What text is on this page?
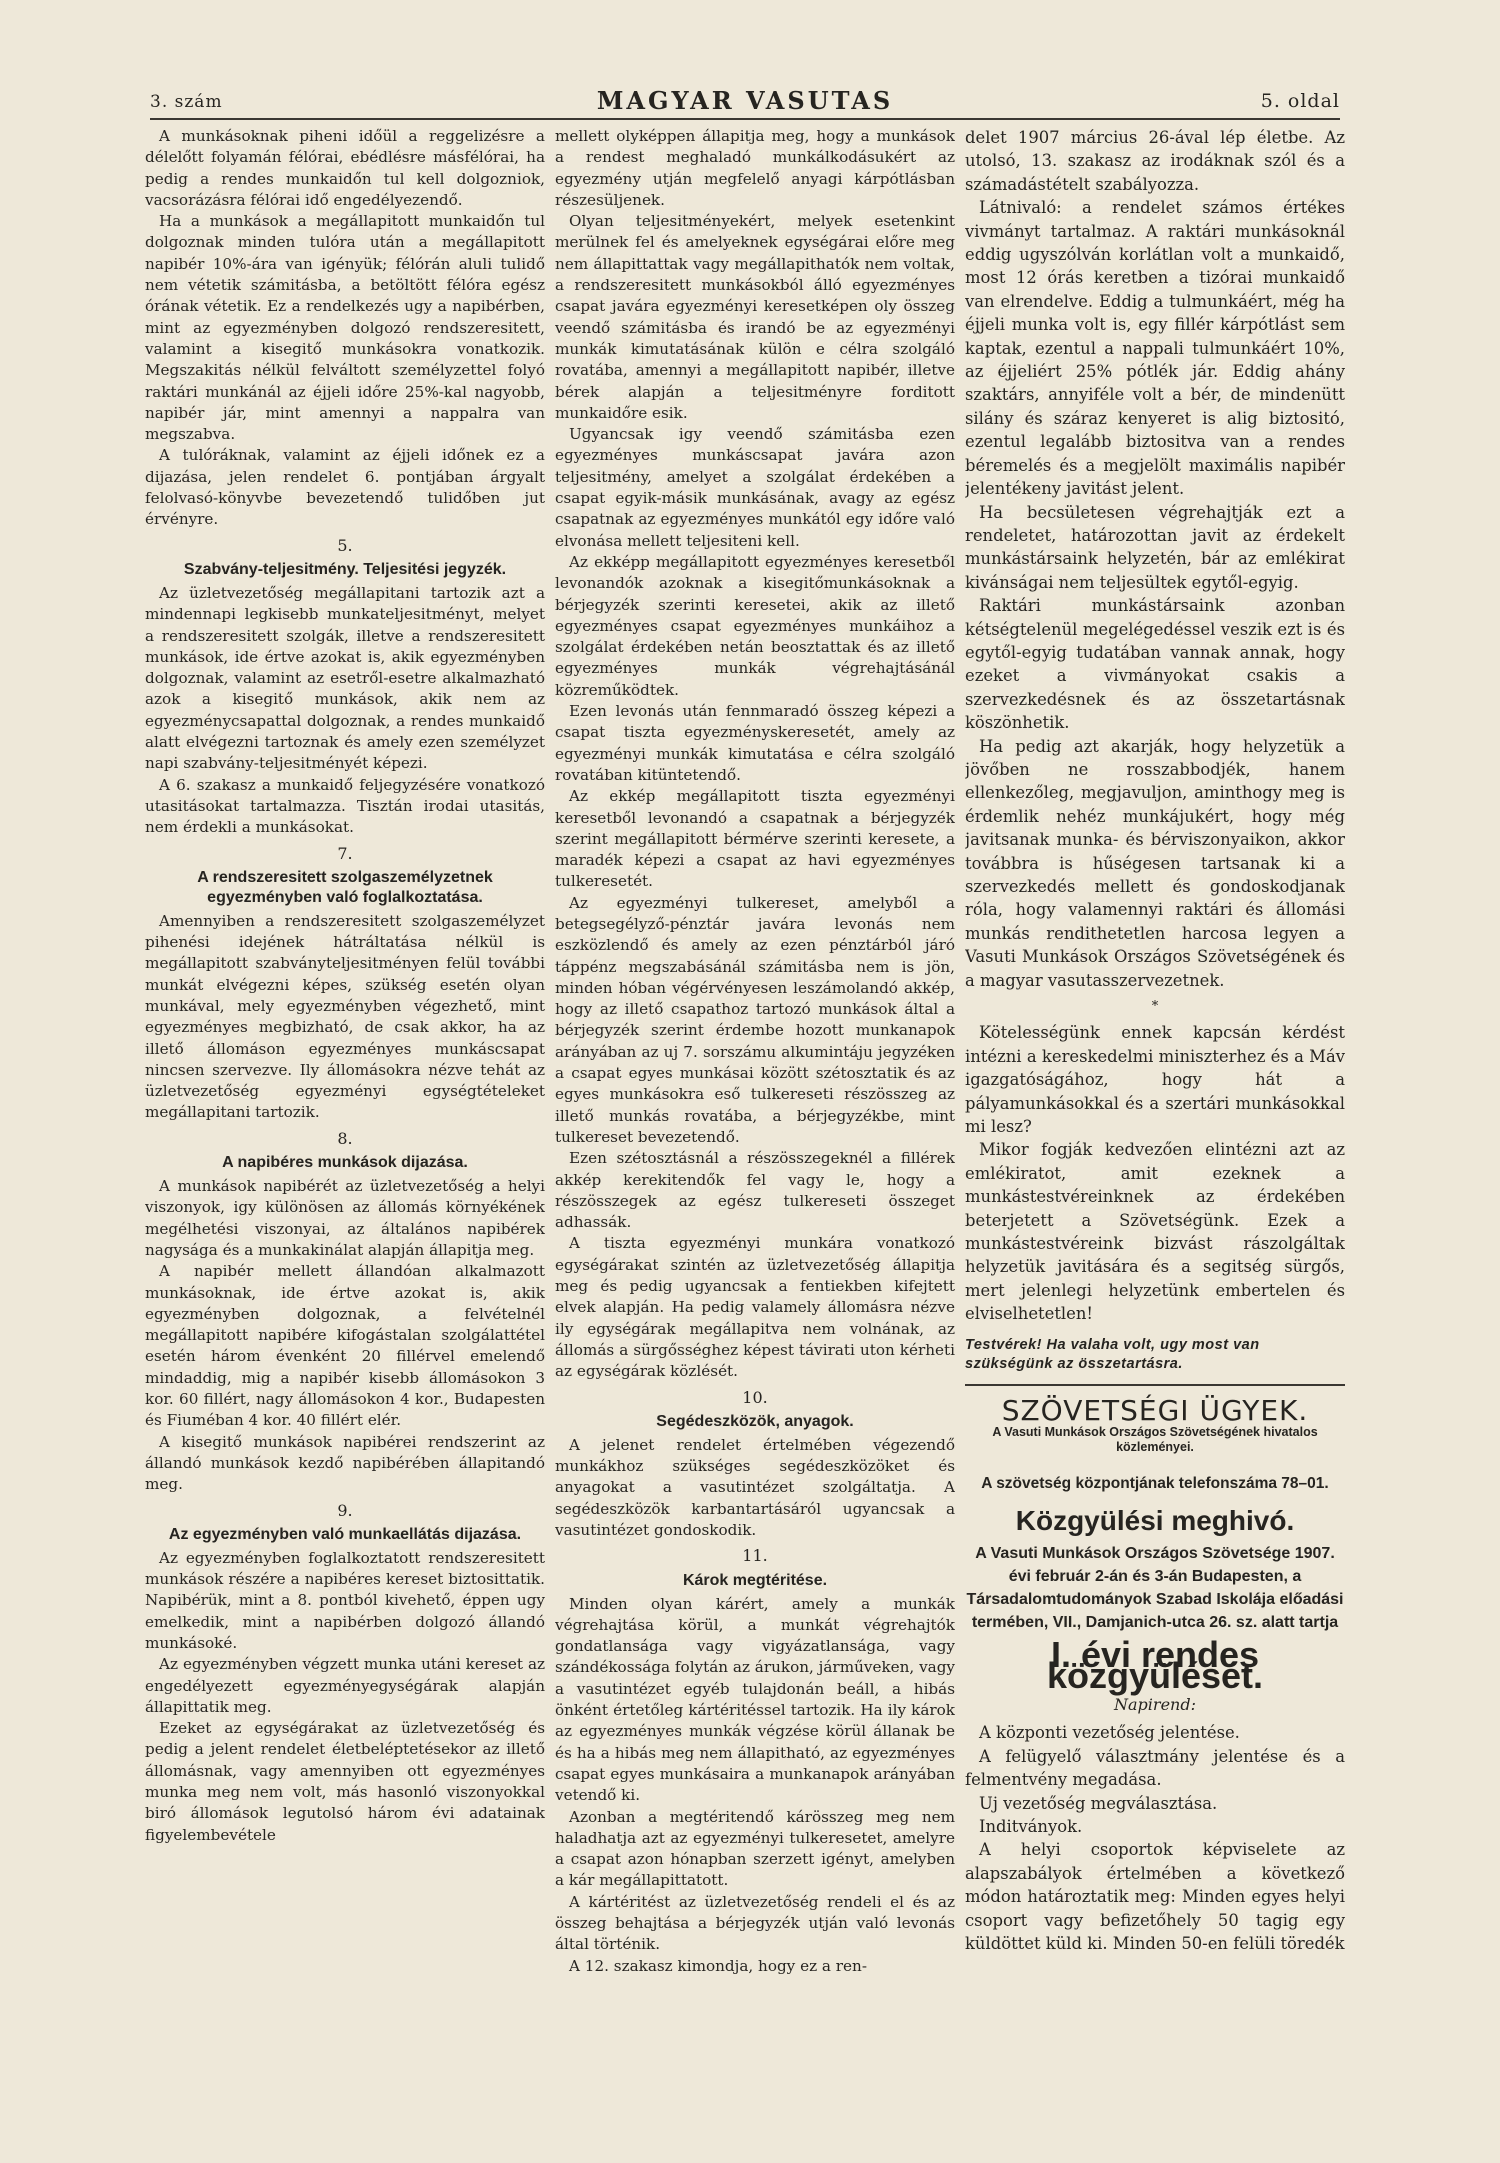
3. szám	MAGYAR VASUTAS	5. oldal

A munkásoknak piheni időül a reggelizésre a délelőtt folyamán félórai, ebédlésre másfélórai, ha pedig a rendes munkaidőn tul kell dolgozniok, vacsorázásra félórai idő engedélyezendő.

Ha a munkások a megállapitott munkaidőn tul dolgoznak minden tulóra után a megállapitott napibér 10%-ára van igényük; félórán aluli tulidő nem vétetik számitásba, a betöltött félóra egész órának vétetik. Ez a rendelkezés ugy a napibérben, mint az egyezményben dolgozó rendszeresitett, valamint a kisegitő munkásokra vonatkozik. Megszakitás nélkül felváltott személyzettel folyó raktári munkánál az éjjeli időre 25%-kal nagyobb, napibér jár, mint amennyi a nappalra van megszabva.

A tulóráknak, valamint az éjjeli időnek ez a dijazása, jelen rendelet 6. pontjában árgyalt felolvasó-könyvbe bevezetendő tulidőben jut érvényre.

5.
Szabvány-teljesitmény. Teljesitési jegyzék.

Az üzletvezetőség megállapitani tartozik azt a mindennapi legkisebb munkateljesitményt, melyet a rendszeresitett szolgák, illetve a rendszeresitett munkások, ide értve azokat is, akik egyezményben dolgoznak, valamint az esetről-esetre alkalmazható azok a kisegitő munkások, akik nem az egyezménycsapattal dolgoznak, a rendes munkaidő alatt elvégezni tartoznak és amely ezen személyzet napi szabvány-teljesitményét képezi.

A 6. szakasz a munkaidő feljegyzésére vonatkozó utasitásokat tartalmazza. Tisztán irodai utasitás, nem érdekli a munkásokat.

7.
A rendszeresitett szolgaszemélyzetnek egyezményben való foglalkoztatása.

Amennyiben a rendszeresitett szolgaszemélyzet pihenési idejének hátráltatása nélkül is megállapitott szabványteljesitményen felül további munkát elvégezni képes, szükség esetén olyan munkával, mely egyezményben végezhető, mint egyezményes megbizható, de csak akkor, ha az illető állomáson egyezményes munkáscsapat nincsen szervezve. Ily állomásokra nézve tehát az üzletvezetőség egyezményi egységtételeket megállapitani tartozik.

8.
A napibéres munkások dijazása.

A munkások napibérét az üzletvezetőség a helyi viszonyok, igy különösen az állomás környékének megélhetési viszonyai, az általános napibérek nagysága és a munkakinálat alapján állapitja meg.

A napibér mellett állandóan alkalmazott munkásoknak, ide értve azokat is, akik egyezményben dolgoznak, a felvételnél megállapitott napibére kifogástalan szolgálattétel esetén három évenként 20 fillérvel emelendő mindaddig, mig a napibér kisebb állomásokon 3 kor. 60 fillért, nagy állomásokon 4 kor., Budapesten és Fiuméban 4 kor. 40 fillért elér.

A kisegitő munkások napibérei rendszerint az állandó munkások kezdő napibérében állapitandó meg.

9.
Az egyezményben való munkaellátás dijazása.

Az egyezményben foglalkoztatott rendszeresitett munkások részére a napibéres kereset biztosittatik. Napibérük, mint a 8. pontból kivehető, éppen ugy emelkedik, mint a napibérben dolgozó állandó munkásoké.

Az egyezményben végzett munka utáni kereset az engedélyezett egyezményegységárak alapján állapittatik meg.

Ezeket az egységárakat az üzletvezetőség és pedig a jelent rendelet életbeléptetésekor az illető állomásnak, vagy amennyiben ott egyezményes munka meg nem volt, más hasonló viszonyokkal biró állomások legutolsó három évi adatainak figyelembevétele

mellett olyképpen állapitja meg, hogy a munkások a rendest meghaladó munkálkodásukért az egyezmény utján megfelelő anyagi kárpótlásban részesüljenek.

Olyan teljesitményekért, melyek esetenkint merülnek fel és amelyeknek egységárai előre meg nem állapittattak vagy megállapithatók nem voltak, a rendszeresitett munkásokból álló egyezményes csapat javára egyezményi keresetképen oly összeg veendő számitásba és irandó be az egyezményi munkák kimutatásának külön e célra szolgáló rovatába, amennyi a megállapitott napibér, illetve bérek alapján a teljesitményre forditott munkaidőre esik.

Ugyancsak igy veendő számitásba ezen egyezményes munkáscsapat javára azon teljesitmény, amelyet a szolgálat érdekében a csapat egyik-másik munkásának, avagy az egész csapatnak az egyezményes munkától egy időre való elvonása mellett teljesiteni kell.

Az ekképp megállapitott egyezményes keresetből levonandók azoknak a kisegitőmunkásoknak a bérjegyzék szerinti keresetei, akik az illető egyezményes csapat egyezményes munkáihoz a szolgálat érdekében netán beosztattak és az illető egyezményes munkák végrehajtásánál közreműködtek.

Ezen levonás után fennmaradó összeg képezi a csapat tiszta egyezményskeresetét, amely az egyezményi munkák kimutatása e célra szolgáló rovatában kitüntetendő.

Az ekkép megállapitott tiszta egyezményi keresetből levonandó a csapatnak a bérjegyzék szerint megállapitott bérmérve szerinti keresete, a maradék képezi a csapat az havi egyezményes tulkeresetét.

Az egyezményi tulkereset, amelyből a betegsegélyző-pénztár javára levonás nem eszközlendő és amely az ezen pénztárból járó táppénz megszabásánál számitásba nem is jön, minden hóban végérvényesen leszámolandó akkép, hogy az illető csapathoz tartozó munkások által a bérjegyzék szerint érdembe hozott munkanapok arányában az uj 7. sorszámu alkumintáju jegyzéken a csapat egyes munkásai között szétosztatik és az egyes munkásokra eső tulkereseti részösszeg az illető munkás rovatába, a bérjegyzékbe, mint tulkereset bevezetendő.

Ezen szétosztásnál a részösszegeknél a fillérek akkép kerekitendők fel vagy le, hogy a részösszegek az egész tulkereseti összeget adhassák.

A tiszta egyezményi munkára vonatkozó egységárakat szintén az üzletvezetőség állapitja meg és pedig ugyancsak a fentiekben kifejtett elvek alapján. Ha pedig valamely állomásra nézve ily egységárak megállapitva nem volnának, az állomás a sürgősséghez képest távirati uton kérheti az egységárak közlését.

10.
Segédeszközök, anyagok.

A jelenet rendelet értelmében végezendő munkákhoz szükséges segédeszközöket és anyagokat a vasutintézet szolgáltatja. A segédeszközök karbantartásáról ugyancsak a vasutintézet gondoskodik.

11.
Károk megtéritése.

Minden olyan kárért, amely a munkák végrehajtása körül, a munkát végrehajtók gondatlansága vagy vigyázatlansága, vagy szándékossága folytán az árukon, járműveken, vagy a vasutintézet egyéb tulajdonán beáll, a hibás önként értetőleg kártéritéssel tartozik. Ha ily károk az egyezményes munkák végzése körül állanak be és ha a hibás meg nem állapitható, az egyezményes csapat egyes munkásaira a munkanapok arányában vetendő ki.

Azonban a megtéritendő kárösszeg meg nem haladhatja azt az egyezményi tulkeresetet, amelyre a csapat azon hónapban szerzett igényt, amelyben a kár megállapittatott.

A kártéritést az üzletvezetőség rendeli el és az összeg behajtása a bérjegyzék utján való levonás által történik.

A 12. szakasz kimondja, hogy ez a ren-

delet 1907 március 26-ával lép életbe. Az utolsó, 13. szakasz az irodáknak szól és a számadástételt szabályozza.

Látnivaló: a rendelet számos értékes vivmányt tartalmaz. A raktári munkásoknál eddig ugyszólván korlátlan volt a munkaidő, most 12 órás keretben a tizórai munkaidő van elrendelve. Eddig a tulmunkáért, még ha éjjeli munka volt is, egy fillér kárpótlást sem kaptak, ezentul a nappali tulmunkáért 10%, az éjjeliért 25% pótlék jár. Eddig ahány szaktárs, annyiféle volt a bér, de mindenütt silány és száraz kenyeret is alig biztositó, ezentul legalább biztositva van a rendes béremelés és a megjelölt maximális napibér jelentékeny javitást jelent.

Ha becsületesen végrehajtják ezt a rendeletet, határozottan javit az érdekelt munkástársaink helyzetén, bár az emlékirat kivánságai nem teljesültek egytől-egyig.

Raktári munkástársaink azonban kétségtelenül megelégedéssel veszik ezt is és egytől-egyig tudatában vannak annak, hogy ezeket a vivmányokat csakis a szervezkedésnek és az összetartásnak köszönhetik.

Ha pedig azt akarják, hogy helyzetük a jövőben ne rosszabbodjék, hanem ellenkezőleg, megjavuljon, aminthogy meg is érdemlik nehéz munkájukért, hogy még javitsanak munka- és bérviszonyaikon, akkor továbbra is hűségesen tartsanak ki a szervezkedés mellett és gondoskodjanak róla, hogy valamennyi raktári és állomási munkás rendithetetlen harcosa legyen a Vasuti Munkások Országos Szövetségének és a magyar vasutasszervezetnek.

*

Kötelességünk ennek kapcsán kérdést intézni a kereskedelmi miniszterhez és a Máv igazgatóságához, hogy hát a pályamunkásokkal és a szertári munkásokkal mi lesz?

Mikor fogják kedvezően elintézni azt az emlékiratot, amit ezeknek a munkástestvéreinknek az érdekében beterjetett a Szövetségünk. Ezek a munkástestvéreink bizvást rászolgáltak helyzetük javitására és a segitség sürgős, mert jelenlegi helyzetünk embertelen és elviselhetetlen!

Testvérek! Ha valaha volt, ugy most van szükségünk az összetartásra.
SZÖVETSÉGI ÜGYEK.
A Vasuti Munkások Országos Szövetségének hivatalos közleményei.
A szövetség központjának telefonszáma 78–01.
Közgyülési meghivó.
A Vasuti Munkások Országos Szövetsége 1907. évi február 2-án és 3-án Budapesten, a Társadalomtudományok Szabad Iskolája előadási termében, VII., Damjanich-utca 26. sz. alatt tartja
I. évi rendes közgyülését.
Napirend:

A központi vezetőség jelentése.

A felügyelő választmány jelentése és a felmentvény megadása.

Uj vezetőség megválasztása.

Inditványok.

A helyi csoportok képviselete az alapszabályok értelmében a következő módon határoztatik meg: Minden egyes helyi csoport vagy befizetőhely 50 tagig egy küldöttet küld ki. Minden 50-en felüli töredék
